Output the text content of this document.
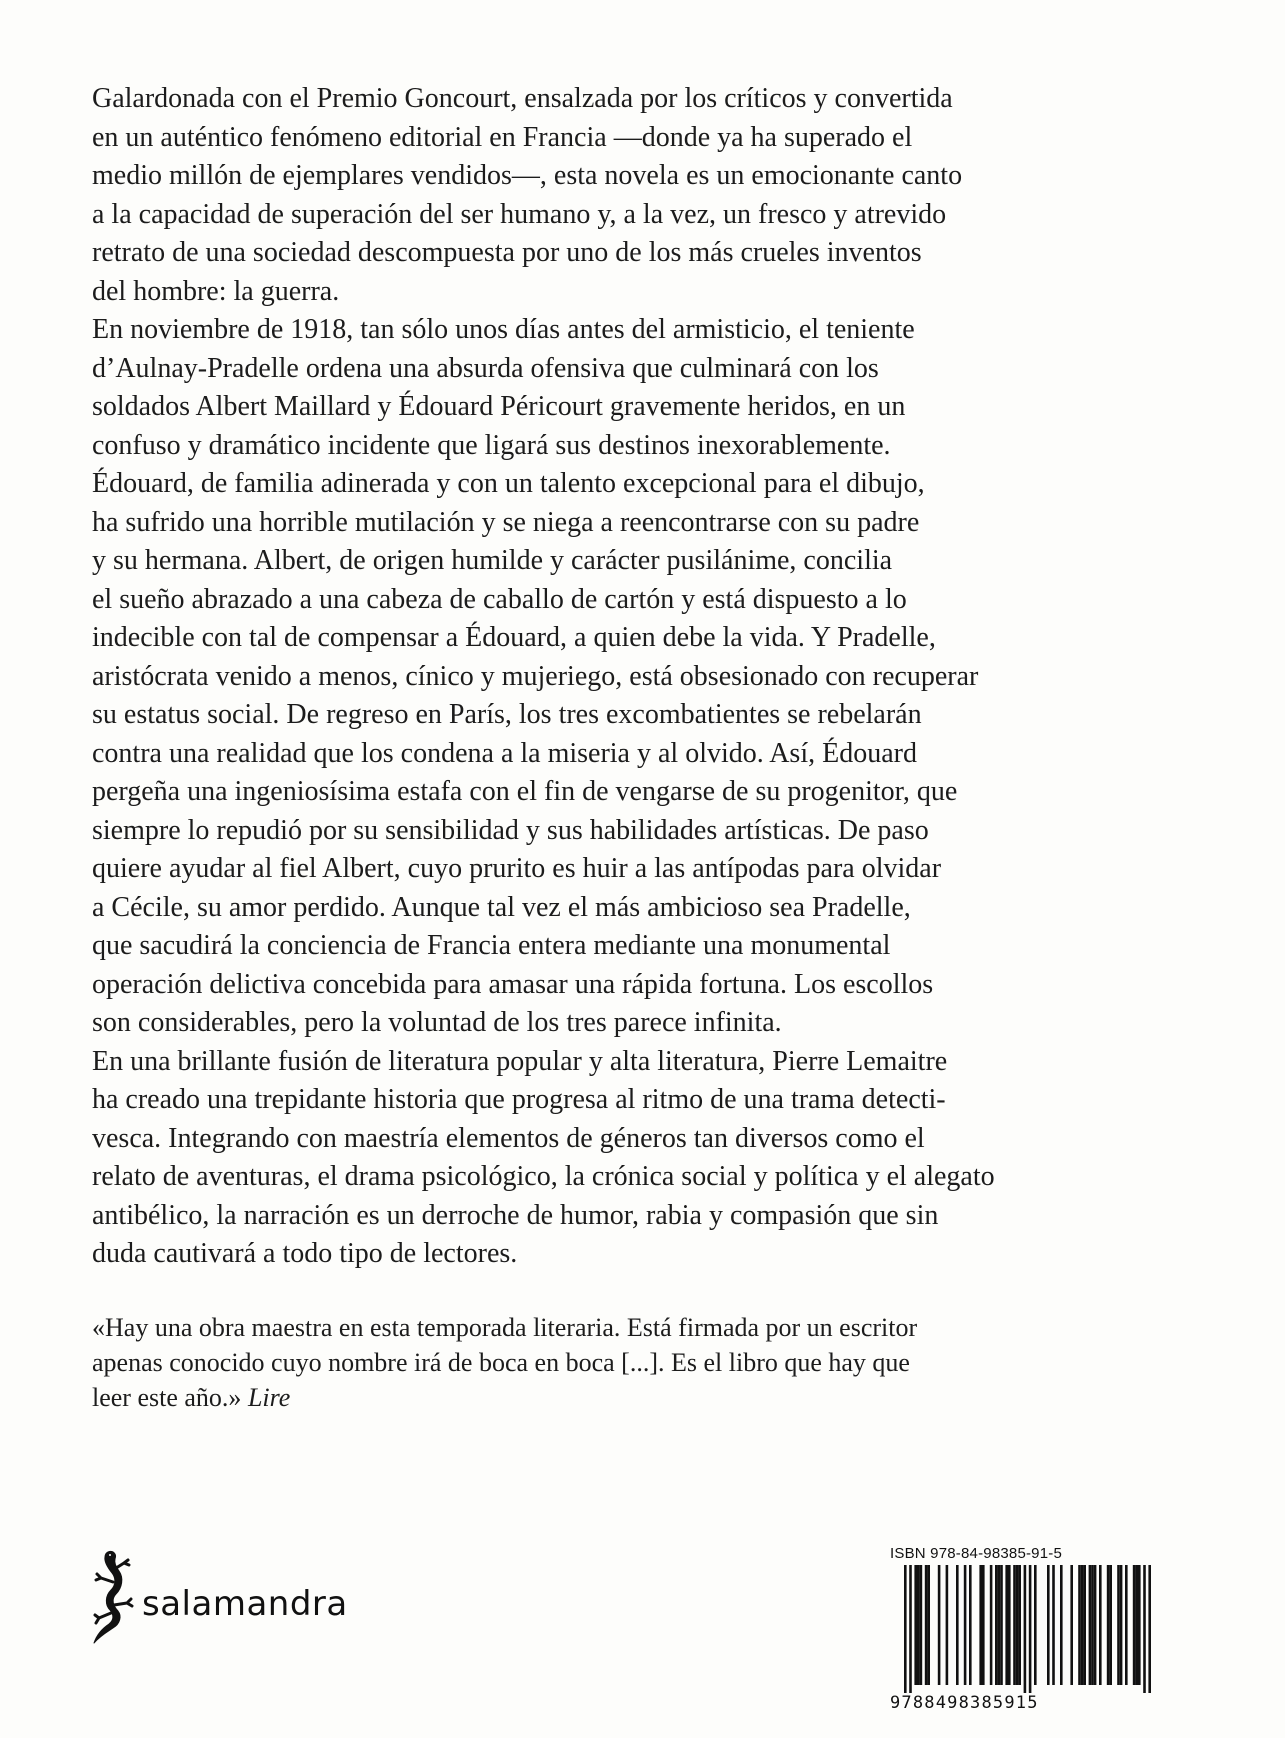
Galardonada con el Premio Goncourt, ensalzada por los críticos y convertida
en un auténtico fenómeno editorial en Francia —donde ya ha superado el
medio millón de ejemplares vendidos—, esta novela es un emocionante canto
a la capacidad de superación del ser humano y, a la vez, un fresco y atrevido
retrato de una sociedad descompuesta por uno de los más crueles inventos
del hombre: la guerra.
En noviembre de 1918, tan sólo unos días antes del armisticio, el teniente
d’Aulnay-Pradelle ordena una absurda ofensiva que culminará con los
soldados Albert Maillard y Édouard Péricourt gravemente heridos, en un
confuso y dramático incidente que ligará sus destinos inexorablemente.
Édouard, de familia adinerada y con un talento excepcional para el dibujo,
ha sufrido una horrible mutilación y se niega a reencontrarse con su padre
y su hermana. Albert, de origen humilde y carácter pusilánime, concilia
el sueño abrazado a una cabeza de caballo de cartón y está dispuesto a lo
indecible con tal de compensar a Édouard, a quien debe la vida. Y Pradelle,
aristócrata venido a menos, cínico y mujeriego, está obsesionado con recuperar
su estatus social. De regreso en París, los tres excombatientes se rebelarán
contra una realidad que los condena a la miseria y al olvido. Así, Édouard
pergeña una ingeniosísima estafa con el fin de vengarse de su progenitor, que
siempre lo repudió por su sensibilidad y sus habilidades artísticas. De paso
quiere ayudar al fiel Albert, cuyo prurito es huir a las antípodas para olvidar
a Cécile, su amor perdido. Aunque tal vez el más ambicioso sea Pradelle,
que sacudirá la conciencia de Francia entera mediante una monumental
operación delictiva concebida para amasar una rápida fortuna. Los escollos
son considerables, pero la voluntad de los tres parece infinita.
En una brillante fusión de literatura popular y alta literatura, Pierre Lemaitre
ha creado una trepidante historia que progresa al ritmo de una trama detecti-
vesca. Integrando con maestría elementos de géneros tan diversos como el
relato de aventuras, el drama psicológico, la crónica social y política y el alegato
antibélico, la narración es un derroche de humor, rabia y compasión que sin
duda cautivará a todo tipo de lectores.
«Hay una obra maestra en esta temporada literaria. Está firmada por un escritor
apenas conocido cuyo nombre irá de boca en boca [...]. Es el libro que hay que
leer este año.» Lire
salamandra
ISBN 978-84-98385-91-5
9788498385915
